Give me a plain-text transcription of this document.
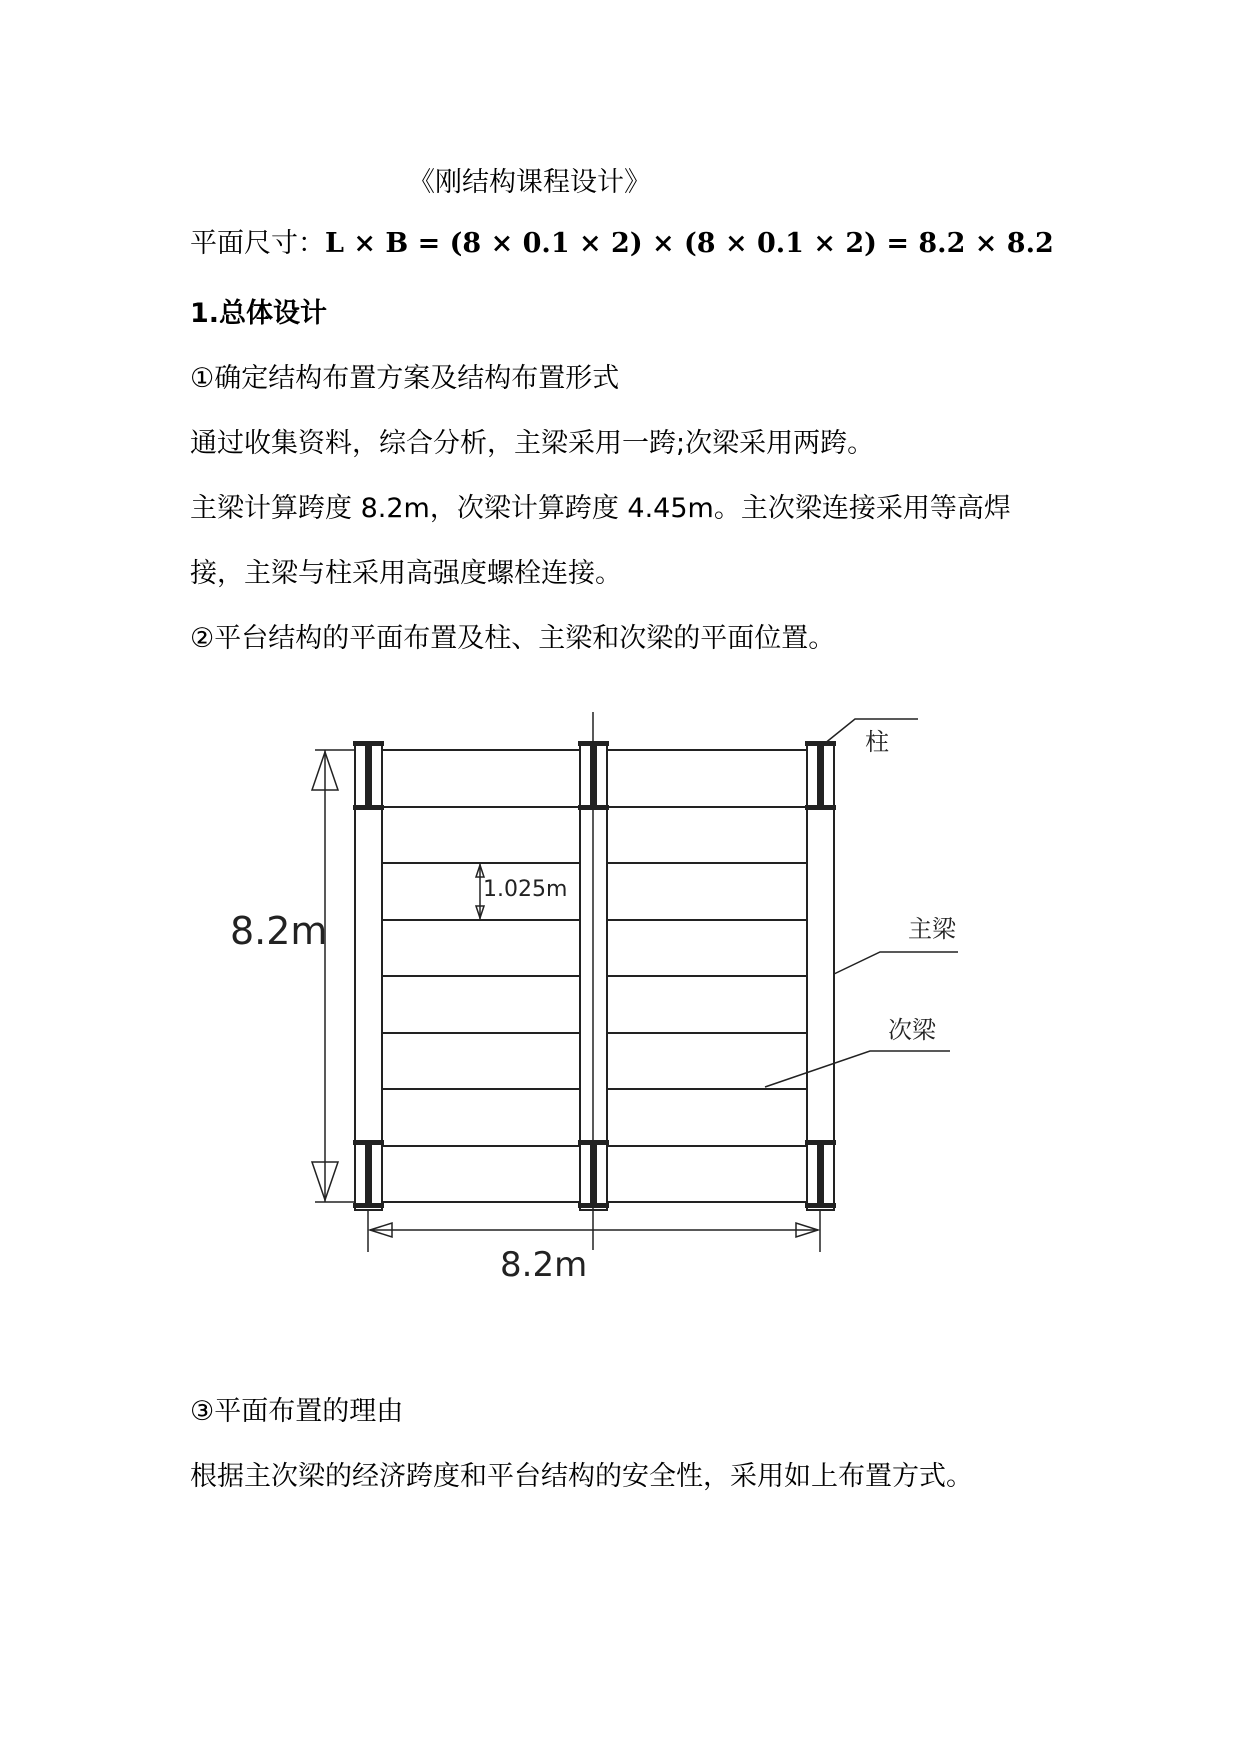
《刚结构课程设计》
平面尺寸：L × B = (8 × 0.1 × 2) × (8 × 0.1 × 2) = 8.2 × 8.2
1.总体设计
①确定结构布置方案及结构布置形式
通过收集资料，综合分析，主梁采用一跨;次梁采用两跨。
主梁计算跨度 8.2m，次梁计算跨度 4.45m。主次梁连接采用等高焊
接，主梁与柱采用高强度螺栓连接。
②平台结构的平面布置及柱、主梁和次梁的平面位置。
8.2m
8.2m
1.025m
柱
主梁
次梁
③平面布置的理由
根据主次梁的经济跨度和平台结构的安全性，采用如上布置方式。
